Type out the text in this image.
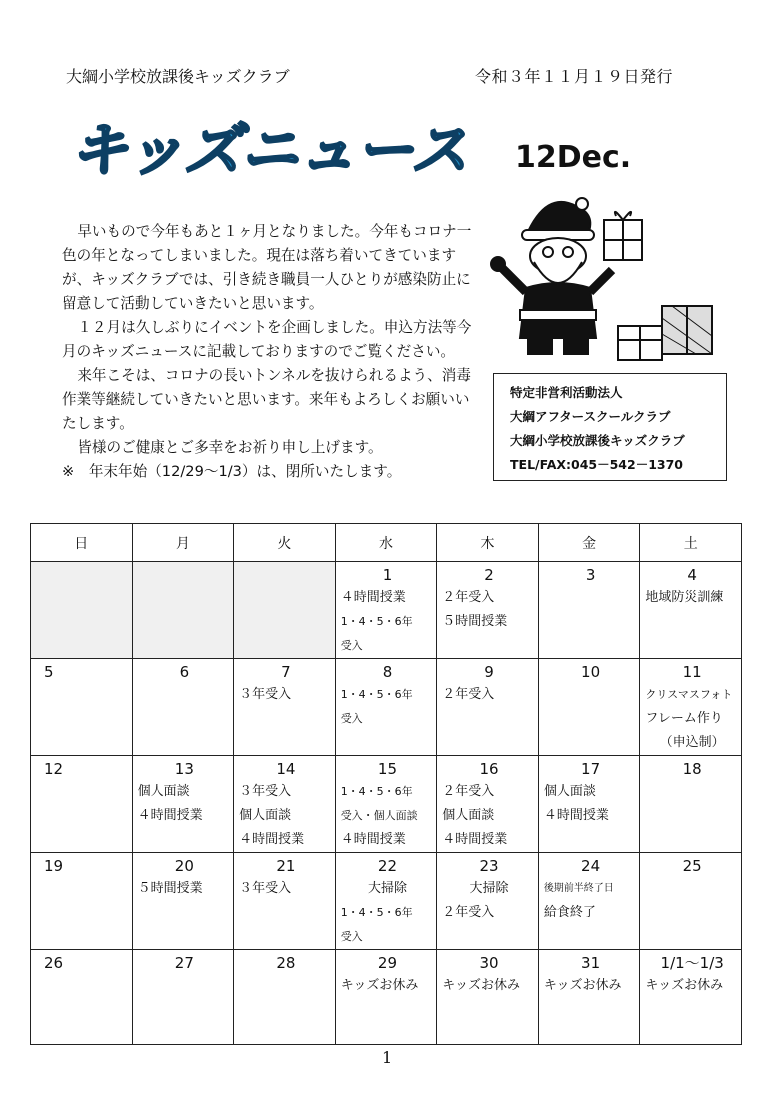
大綱小学校放課後キッズクラブ	令和３年１１月１９日発行
キッズニュース 12Dec.

早いもので今年もあと１ヶ月となりました。今年もコロナ一色の年となってしまいました。現在は落ち着いてきていますが、キッズクラブでは、引き続き職員一人ひとりが感染防止に留意して活動していきたいと思います。

１２月は久しぶりにイベントを企画しました。申込方法等今月のキッズニュースに記載しておりますのでご覧ください。

来年こそは、コロナの長いトンネルを抜けられるよう、消毒作業等継続していきたいと思います。来年もよろしくお願いいたします。

皆様のご健康とご多幸をお祈り申し上げます。

※　年末年始（12/29～1/3）は、閉所いたします。

特定非営利活動法人
大綱アフタースクールクラブ
大綱小学校放課後キッズクラブ
TEL/FAX:045－542－1370
日	月	火	水	木	金	土

			1
４時間授業
1・4・5・6年
受入	2
２年受入
５時間授業	3	4
地域防災訓練

5	6	7
３年受入	8
1・4・5・6年
受入	9
２年受入	10	11
クリスマスフォト
フレーム作り
（申込制）

12	13
個人面談
４時間授業	14
３年受入
個人面談
４時間授業	15
1・4・5・6年
受入・個人面談
４時間授業	16
２年受入
個人面談
４時間授業	17
個人面談
４時間授業	18

19	20
５時間授業	21
３年受入	22
大掃除
1・4・5・6年
受入	23
大掃除
２年受入	24
後期前半終了日
給食終了	25

26	27	28	29
キッズお休み	30
キッズお休み	31
キッズお休み	1/1～1/3
キッズお休み
1
